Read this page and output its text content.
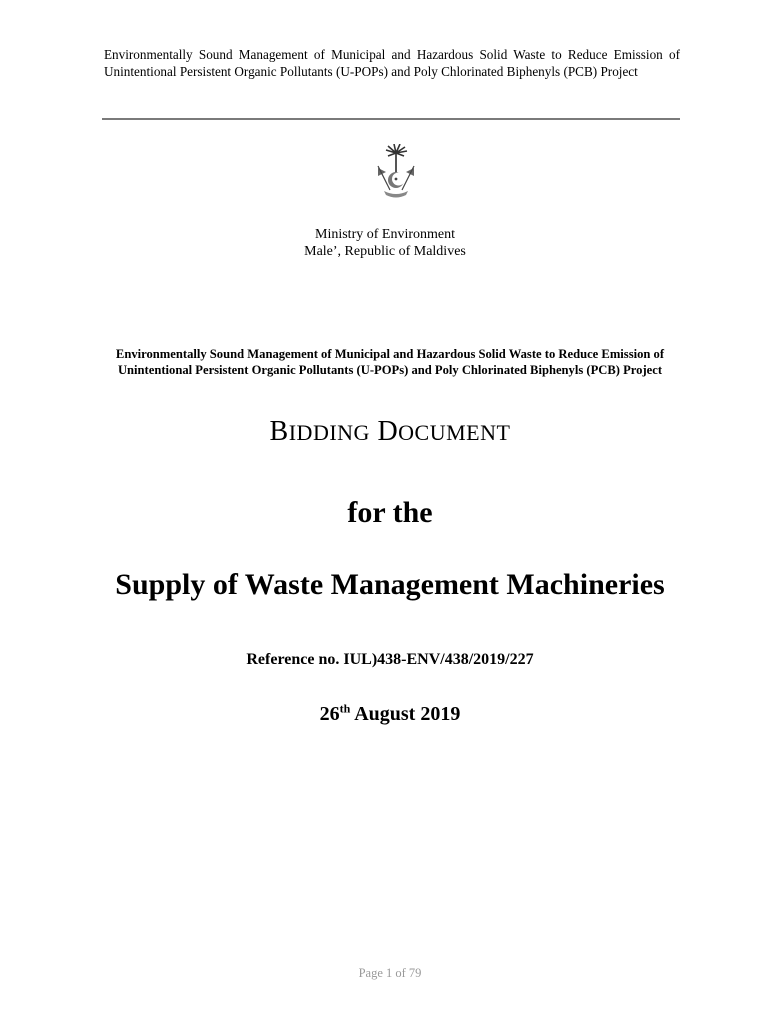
Environmentally Sound Management of Municipal and Hazardous Solid Waste to Reduce Emission of Unintentional Persistent Organic Pollutants (U-POPs) and Poly Chlorinated Biphenyls (PCB) Project
Ministry of Environment
Male’, Republic of Maldives
Environmentally Sound Management of Municipal and Hazardous Solid Waste to Reduce Emission of Unintentional Persistent Organic Pollutants (U-POPs) and Poly Chlorinated Biphenyls (PCB) Project
BIDDING DOCUMENT
for the
Supply of Waste Management Machineries
Reference no. IUL)438-ENV/438/2019/227
26th August 2019
Page 1 of 79
